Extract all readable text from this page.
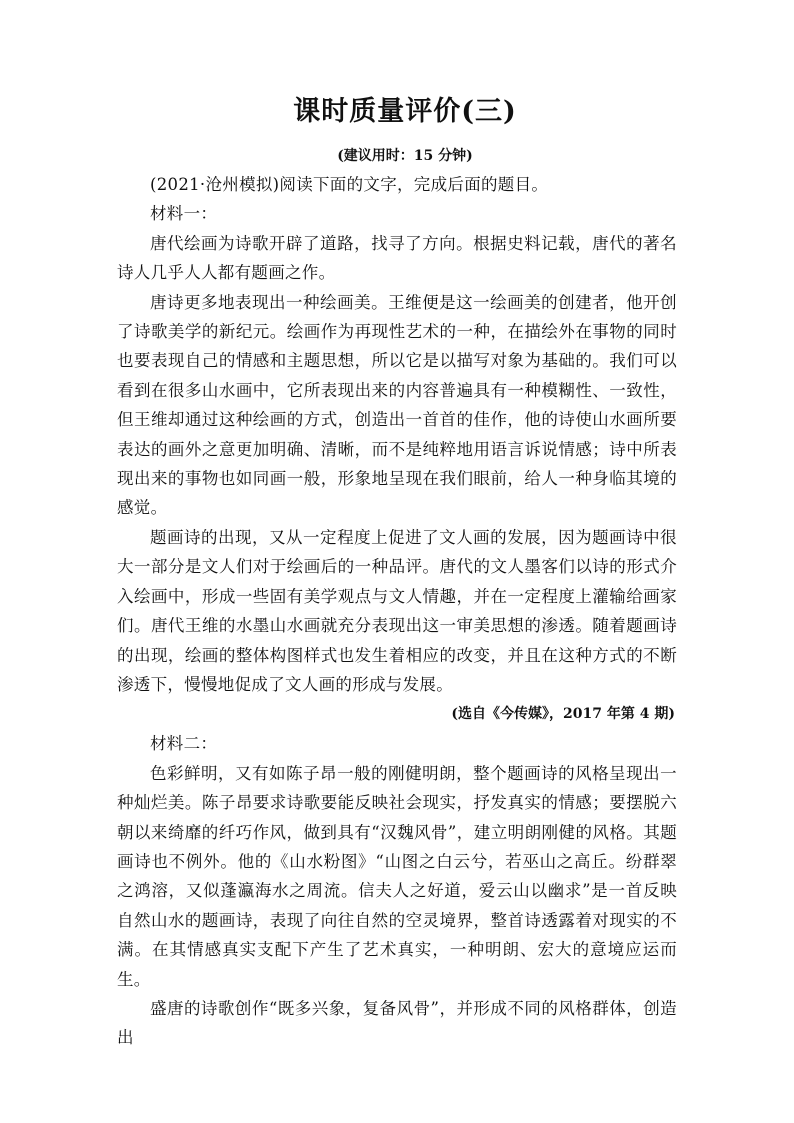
课时质量评价(三)
(建议用时：15 分钟)

(2021·沧州模拟)阅读下面的文字，完成后面的题目。

材料一：

唐代绘画为诗歌开辟了道路，找寻了方向。根据史料记载，唐代的著名诗人几乎人人都有题画之作。

唐诗更多地表现出一种绘画美。王维便是这一绘画美的创建者，他开创了诗歌美学的新纪元。绘画作为再现性艺术的一种，在描绘外在事物的同时也要表现自己的情感和主题思想，所以它是以描写对象为基础的。我们可以看到在很多山水画中，它所表现出来的内容普遍具有一种模糊性、一致性，但王维却通过这种绘画的方式，创造出一首首的佳作，他的诗使山水画所要表达的画外之意更加明确、清晰，而不是纯粹地用语言诉说情感；诗中所表现出来的事物也如同画一般，形象地呈现在我们眼前，给人一种身临其境的感觉。

题画诗的出现，又从一定程度上促进了文人画的发展，因为题画诗中很大一部分是文人们对于绘画后的一种品评。唐代的文人墨客们以诗的形式介入绘画中，形成一些固有美学观点与文人情趣，并在一定程度上灌输给画家们。唐代王维的水墨山水画就充分表现出这一审美思想的渗透。随着题画诗的出现，绘画的整体构图样式也发生着相应的改变，并且在这种方式的不断渗透下，慢慢地促成了文人画的形成与发展。

(选自《今传媒》，2017 年第 4 期)

材料二：

色彩鲜明，又有如陈子昂一般的刚健明朗，整个题画诗的风格呈现出一种灿烂美。陈子昂要求诗歌要能反映社会现实，抒发真实的情感；要摆脱六朝以来绮靡的纤巧作风，做到具有“汉魏风骨”，建立明朗刚健的风格。其题画诗也不例外。他的《山水粉图》“山图之白云兮，若巫山之高丘。纷群翠之鸿溶，又似蓬瀛海水之周流。信夫人之好道，爱云山以幽求”是一首反映自然山水的题画诗，表现了向往自然的空灵境界，整首诗透露着对现实的不满。在其情感真实支配下产生了艺术真实，一种明朗、宏大的意境应运而生。

盛唐的诗歌创作“既多兴象，复备风骨”，并形成不同的风格群体，创造出
